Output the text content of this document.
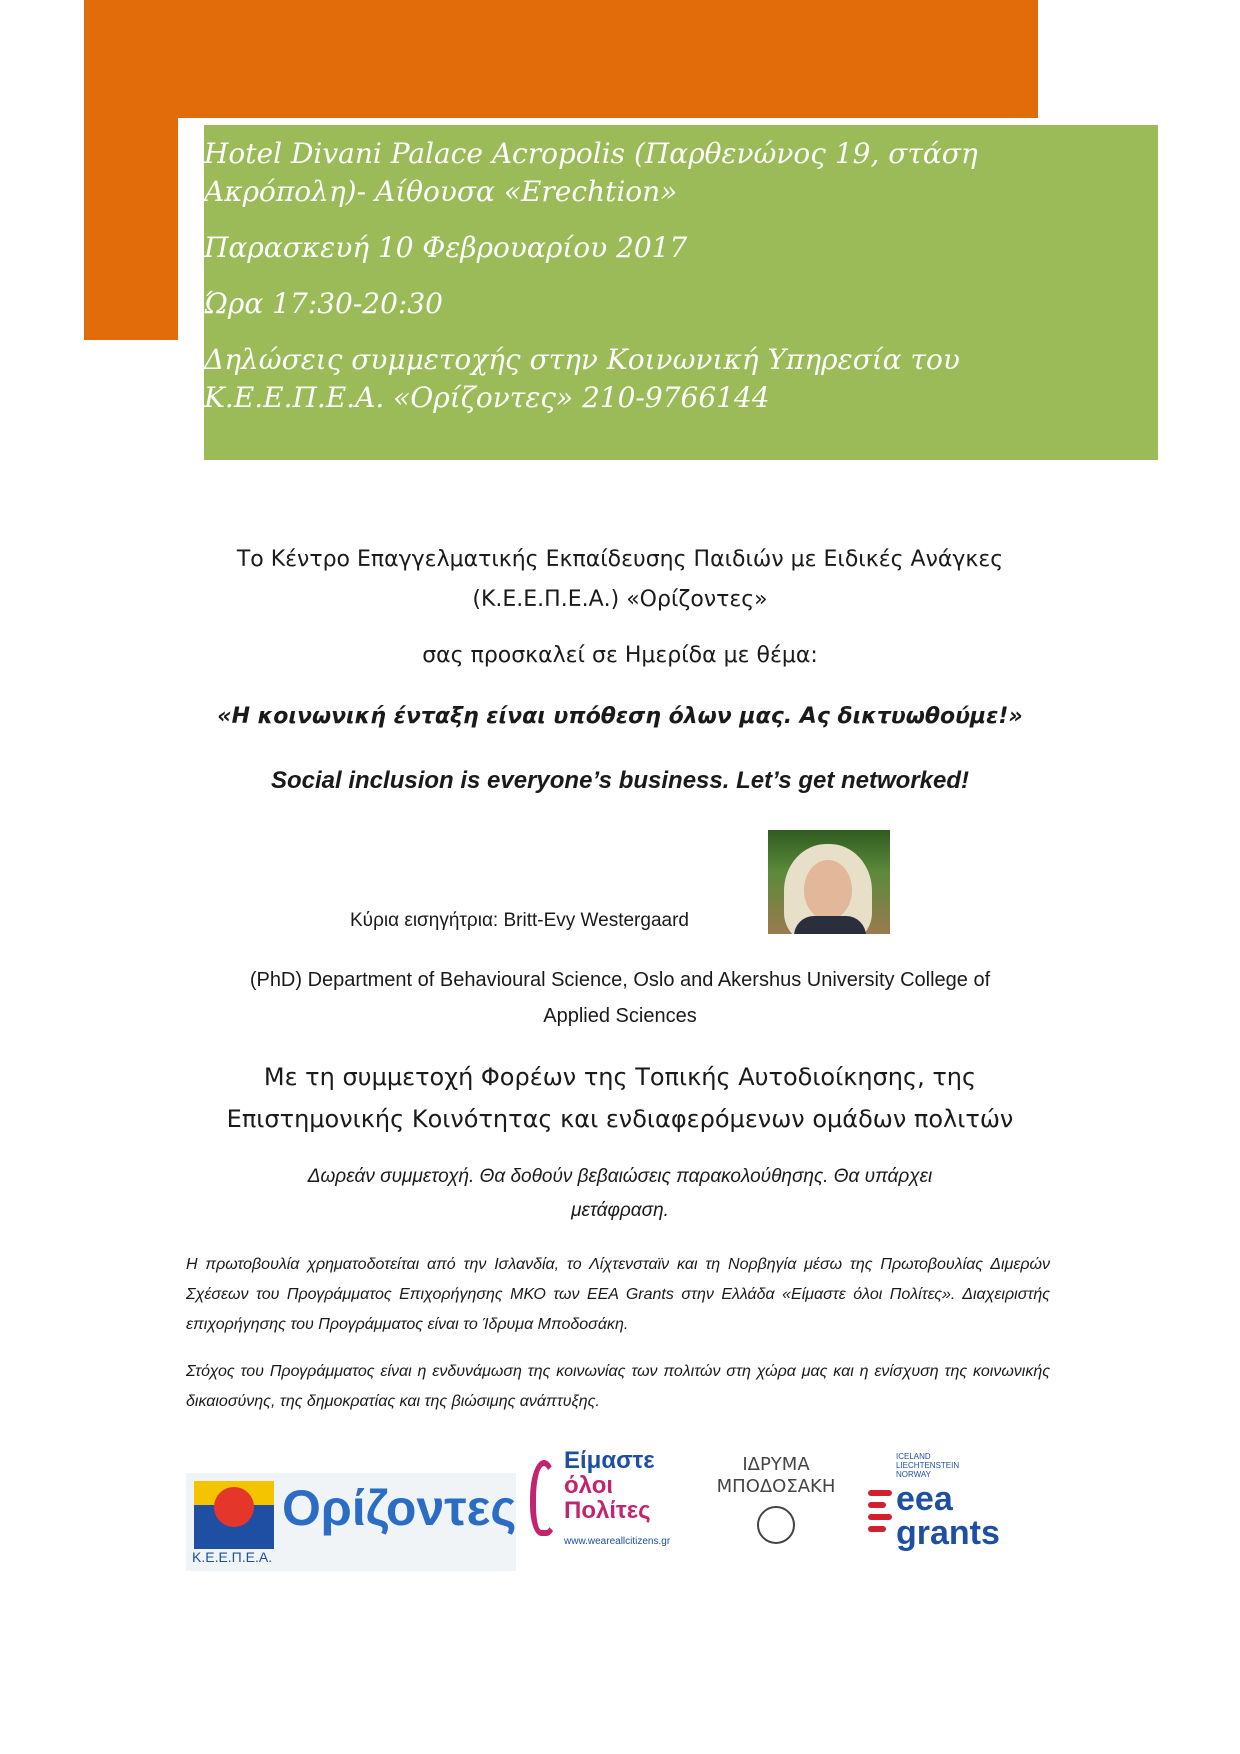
Hotel Divani Palace Acropolis (Παρθενώνος 19, στάση Ακρόπολη)- Αίθουσα «Erechtion»

Παρασκευή 10 Φεβρουαρίου 2017

Ώρα 17:30-20:30

Δηλώσεις συμμετοχής στην Κοινωνική Υπηρεσία του Κ.Ε.Ε.Π.Ε.Α. «Ορίζοντες» 210-9766144

Το Κέντρο Επαγγελματικής Εκπαίδευσης Παιδιών με Ειδικές Ανάγκες
(Κ.Ε.Ε.Π.Ε.Α.) «Ορίζοντες»
σας προσκαλεί σε Ημερίδα με θέμα:
«Η κοινωνική ένταξη είναι υπόθεση όλων μας. Ας δικτυωθούμε!»
Social inclusion is everyone’s business. Let’s get networked!
Κύρια εισηγήτρια: Britt-Evy Westergaard
(PhD) Department of Behavioural Science, Oslo and Akershus University College of
Applied Sciences
Με τη συμμετοχή Φορέων της Τοπικής Αυτοδιοίκησης, της
Επιστημονικής Κοινότητας και ενδιαφερόμενων ομάδων πολιτών
Δωρεάν συμμετοχή. Θα δοθούν βεβαιώσεις παρακολούθησης. Θα υπάρχει
μετάφραση.
Η πρωτοβουλία χρηματοδοτείται από την Ισλανδία, το Λίχτενσταϊν και τη Νορβηγία μέσω της Πρωτοβουλίας Διμερών Σχέσεων του Προγράμματος Επιχορήγησης ΜΚΟ των EEA Grants στην Ελλάδα «Είμαστε όλοι Πολίτες». Διαχειριστής επιχορήγησης του Προγράμματος είναι το Ίδρυμα Μποδοσάκη.
Στόχος του Προγράμματος είναι η ενδυνάμωση της κοινωνίας των πολιτών στη χώρα μας και η ενίσχυση της κοινωνικής δικαιοσύνης, της δημοκρατίας και της βιώσιμης ανάπτυξης.
Ορίζοντες
Κ.Ε.Ε.Π.Ε.Α.
Είμαστε
όλοι
Πολίτες
www.weareallcitizens.gr
ΙΔΡΥΜΑ
ΜΠΟΔΟΣΑΚΗ
ICELAND
LIECHTENSTEIN
NORWAY
eea
grants
